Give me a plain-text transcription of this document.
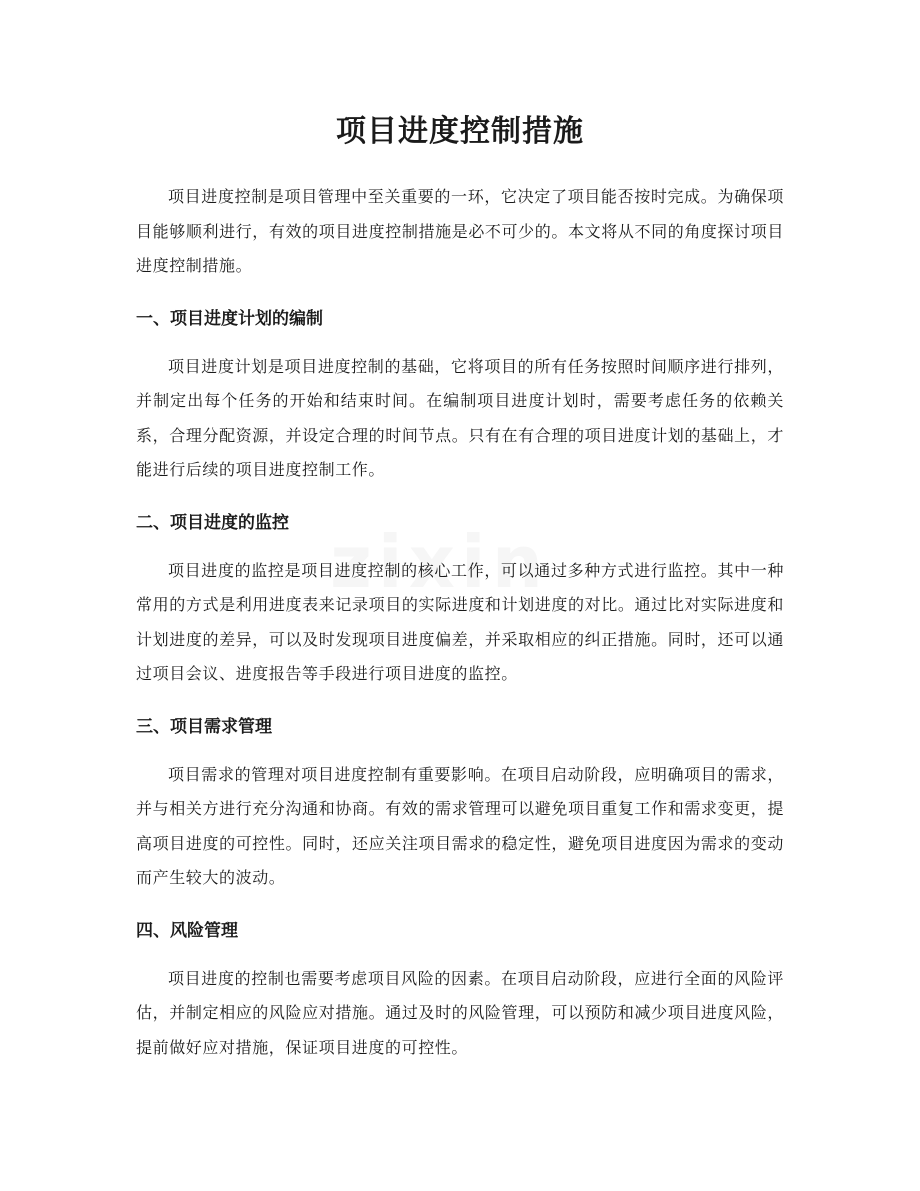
项目进度控制措施

项目进度控制是项目管理中至关重要的一环，它决定了项目能否按时完成。为确保项目能够顺利进行，有效的项目进度控制措施是必不可少的。本文将从不同的角度探讨项目进度控制措施。

一、项目进度计划的编制

项目进度计划是项目进度控制的基础，它将项目的所有任务按照时间顺序进行排列，并制定出每个任务的开始和结束时间。在编制项目进度计划时，需要考虑任务的依赖关系，合理分配资源，并设定合理的时间节点。只有在有合理的项目进度计划的基础上，才能进行后续的项目进度控制工作。

二、项目进度的监控

项目进度的监控是项目进度控制的核心工作，可以通过多种方式进行监控。其中一种常用的方式是利用进度表来记录项目的实际进度和计划进度的对比。通过比对实际进度和计划进度的差异，可以及时发现项目进度偏差，并采取相应的纠正措施。同时，还可以通过项目会议、进度报告等手段进行项目进度的监控。

三、项目需求管理

项目需求的管理对项目进度控制有重要影响。在项目启动阶段，应明确项目的需求，并与相关方进行充分沟通和协商。有效的需求管理可以避免项目重复工作和需求变更，提高项目进度的可控性。同时，还应关注项目需求的稳定性，避免项目进度因为需求的变动而产生较大的波动。

四、风险管理

项目进度的控制也需要考虑项目风险的因素。在项目启动阶段，应进行全面的风险评估，并制定相应的风险应对措施。通过及时的风险管理，可以预防和减少项目进度风险，提前做好应对措施，保证项目进度的可控性。
